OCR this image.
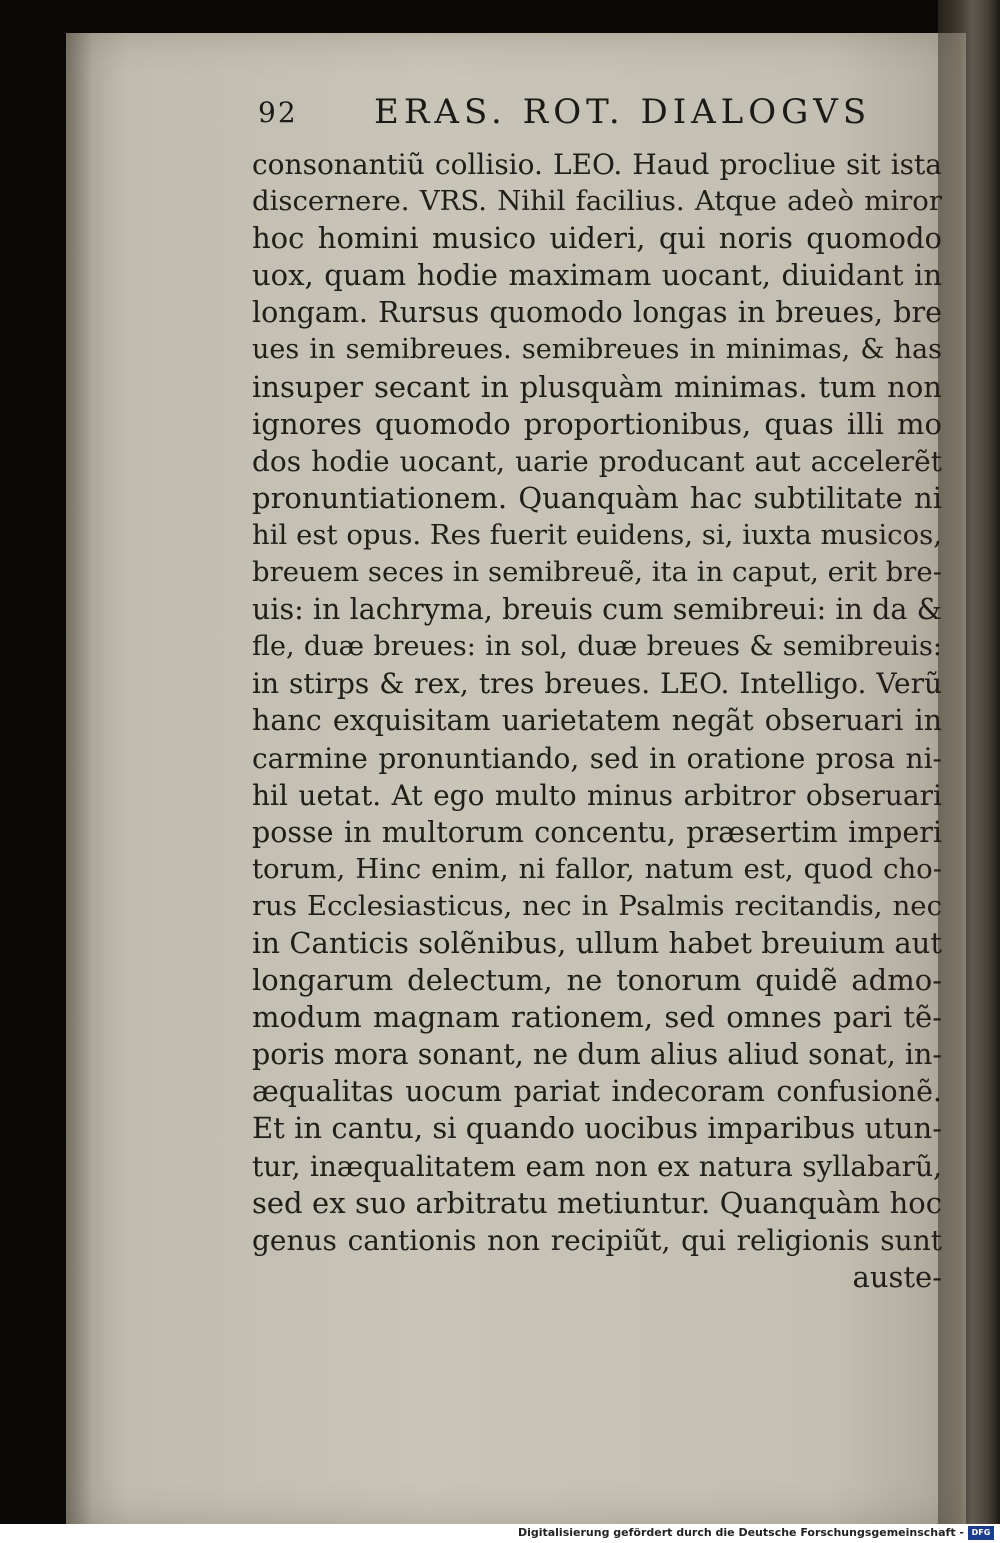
92 ERAS. ROT. DIALOGVS
consonantiũ collisio. LEO. Haud procliue sit ista
discernere. VRS. Nihil facilius. Atque adeò miror
hoc homini musico uideri, qui noris quomodo
uox, quam hodie maximam uocant, diuidant in
longam. Rursus quomodo longas in breues, bre
ues in semibreues. semibreues in minimas, & has
insuper secant in plusquàm minimas. tum non
ignores quomodo proportionibus, quas illi mo
dos hodie uocant, uarie producant aut accelerẽt
pronuntiationem. Quanquàm hac subtilitate ni
hil est opus. Res fuerit euidens, si, iuxta musicos,
breuem seces in semibreuẽ, ita in caput, erit bre-
uis: in lachryma, breuis cum semibreui: in da &
fle, duæ breues: in sol, duæ breues & semibreuis:
in stirps & rex, tres breues. LEO. Intelligo. Verũ
hanc exquisitam uarietatem negãt obseruari in
carmine pronuntiando, sed in oratione prosa ni-
hil uetat. At ego multo minus arbitror obseruari
posse in multorum concentu, præsertim imperi
torum, Hinc enim, ni fallor, natum est, quod cho-
rus Ecclesiasticus, nec in Psalmis recitandis, nec
in Canticis solẽnibus, ullum habet breuium aut
longarum delectum, ne tonorum quidẽ admo-
modum magnam rationem, sed omnes pari tẽ-
poris mora sonant, ne dum alius aliud sonat, in-
æqualitas uocum pariat indecoram confusionẽ.
Et in cantu, si quando uocibus imparibus utun-
tur, inæqualitatem eam non ex natura syllabarũ,
sed ex suo arbitratu metiuntur. Quanquàm hoc
genus cantionis non recipiũt, qui religionis sunt
auste-
Digitalisierung gefördert durch die Deutsche Forschungsgemeinschaft - DFG
